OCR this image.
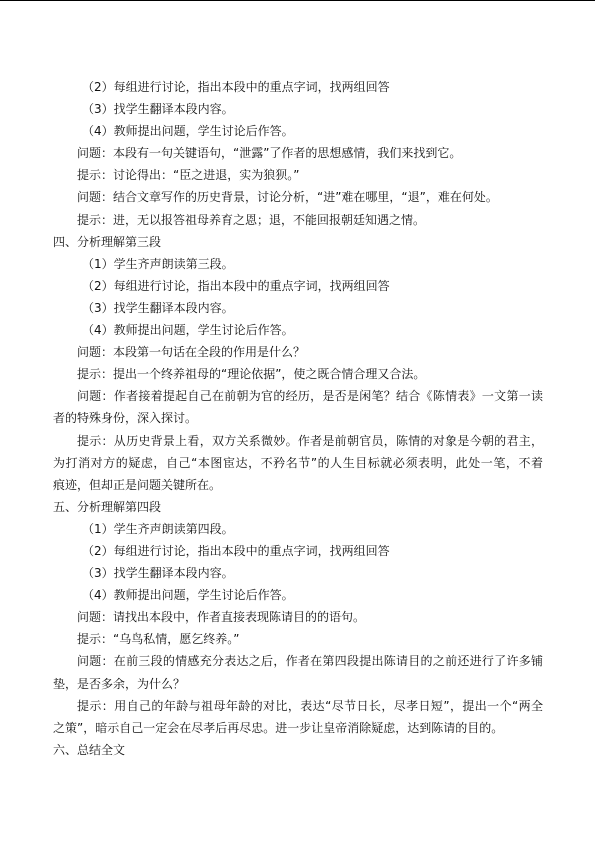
（2）每组进行讨论，指出本段中的重点字词，找两组回答

（3）找学生翻译本段内容。

（4）教师提出问题，学生讨论后作答。

问题：本段有一句关键语句，“泄露”了作者的思想感情，我们来找到它。

提示：讨论得出：“臣之进退，实为狼狈。”

问题：结合文章写作的历史背景，讨论分析，“进”难在哪里，“退”，难在何处。

提示：进，无以报答祖母养育之恩；退，不能回报朝廷知遇之情。

四、分析理解第三段

（1）学生齐声朗读第三段。

（2）每组进行讨论，指出本段中的重点字词，找两组回答

（3）找学生翻译本段内容。

（4）教师提出问题，学生讨论后作答。

问题：本段第一句话在全段的作用是什么？

提示：提出一个终养祖母的“理论依据”，使之既合情合理又合法。

问题：作者接着提起自己在前朝为官的经历，是否是闲笔？结合《陈情表》一文第一读

者的特殊身份，深入探讨。

提示：从历史背景上看，双方关系微妙。作者是前朝官员，陈情的对象是今朝的君主，

为打消对方的疑虑，自己“本图宦达，不矜名节”的人生目标就必须表明，此处一笔，不着

痕迹，但却正是问题关键所在。

五、分析理解第四段

（1）学生齐声朗读第四段。

（2）每组进行讨论，指出本段中的重点字词，找两组回答

（3）找学生翻译本段内容。

（4）教师提出问题，学生讨论后作答。

问题：请找出本段中，作者直接表现陈请目的的语句。

提示：“乌鸟私情，愿乞终养。”

问题：在前三段的情感充分表达之后，作者在第四段提出陈请目的之前还进行了许多铺

垫，是否多余，为什么？

提示：用自己的年龄与祖母年龄的对比，表达“尽节日长，尽孝日短”，提出一个“两全

之策”，暗示自己一定会在尽孝后再尽忠。进一步让皇帝消除疑虑，达到陈请的目的。

六、总结全文
